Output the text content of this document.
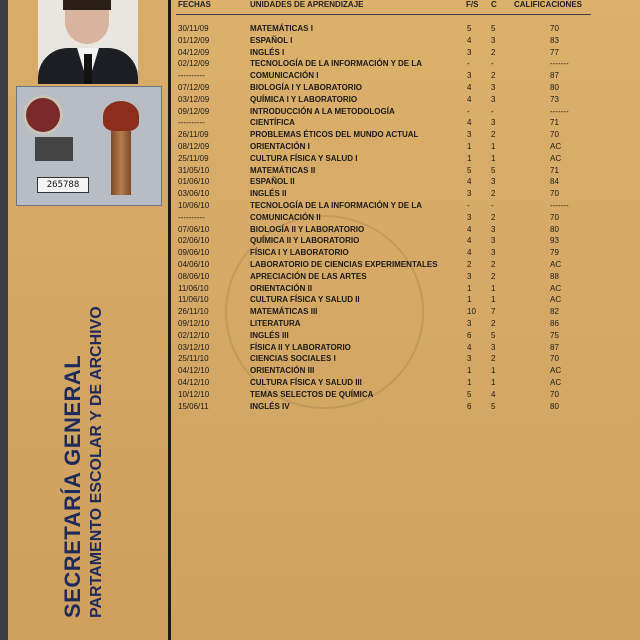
265788
SECRETARÍA GENERAL PARTAMENTO ESCOLAR Y DE ARCHIVO
FECHAS	UNIDADES DE APRENDIZAJE	F/S C CALIFICACIONES
30/11/09	MATEMÁTICAS I	5 5	70
01/12/09	ESPAÑOL I	4 3	83
04/12/09	INGLÉS I	3 2	77
02/12/09	TECNOLOGÍA DE LA INFORMACIÓN Y DE LA	-	-	-------
----------	COMUNICACIÓN I	3 2	87
07/12/09	BIOLOGÍA I Y LABORATORIO	4 3	80
03/12/09	QUÍMICA I Y LABORATORIO	4 3	73
09/12/09	INTRODUCCIÓN A LA METODOLOGÍA	-	-	-------
----------	CIENTÍFICA	4 3	71
26/11/09	PROBLEMAS ÉTICOS DEL MUNDO ACTUAL	3 2	70
08/12/09	ORIENTACIÓN I	1 1	AC
25/11/09	CULTURA FÍSICA Y SALUD I	1 1	AC
31/05/10	MATEMÁTICAS II	5 5	71
01/06/10	ESPAÑOL II	4 3	84
03/06/10	INGLÉS II	3 2	70
10/06/10	TECNOLOGÍA DE LA INFORMACIÓN Y DE LA	-	-	-------
----------	COMUNICACIÓN II	3 2	70
07/06/10	BIOLOGÍA II Y LABORATORIO	4 3	80
02/06/10	QUÍMICA II Y LABORATORIO	4 3	93
09/06/10	FÍSICA I Y LABORATORIO	4 3	79
04/06/10	LABORATORIO DE CIENCIAS EXPERIMENTALES	2 2	AC
08/06/10	APRECIACIÓN DE LAS ARTES	3 2	88
11/06/10	ORIENTACIÓN II	1 1	AC
11/06/10	CULTURA FÍSICA Y SALUD II	1 1	AC
26/11/10	MATEMÁTICAS III	10 7	82
09/12/10	LITERATURA	3 2	86
02/12/10	INGLÉS III	6 5	75
03/12/10	FÍSICA II Y LABORATORIO	4 3	87
25/11/10	CIENCIAS SOCIALES I	3 2	70
04/12/10	ORIENTACIÓN III	1 1	AC
04/12/10	CULTURA FÍSICA Y SALUD III	1 1	AC
10/12/10	TEMAS SELECTOS DE QUÍMICA	5 4	70
15/06/11	INGLÉS IV	6 5	80
